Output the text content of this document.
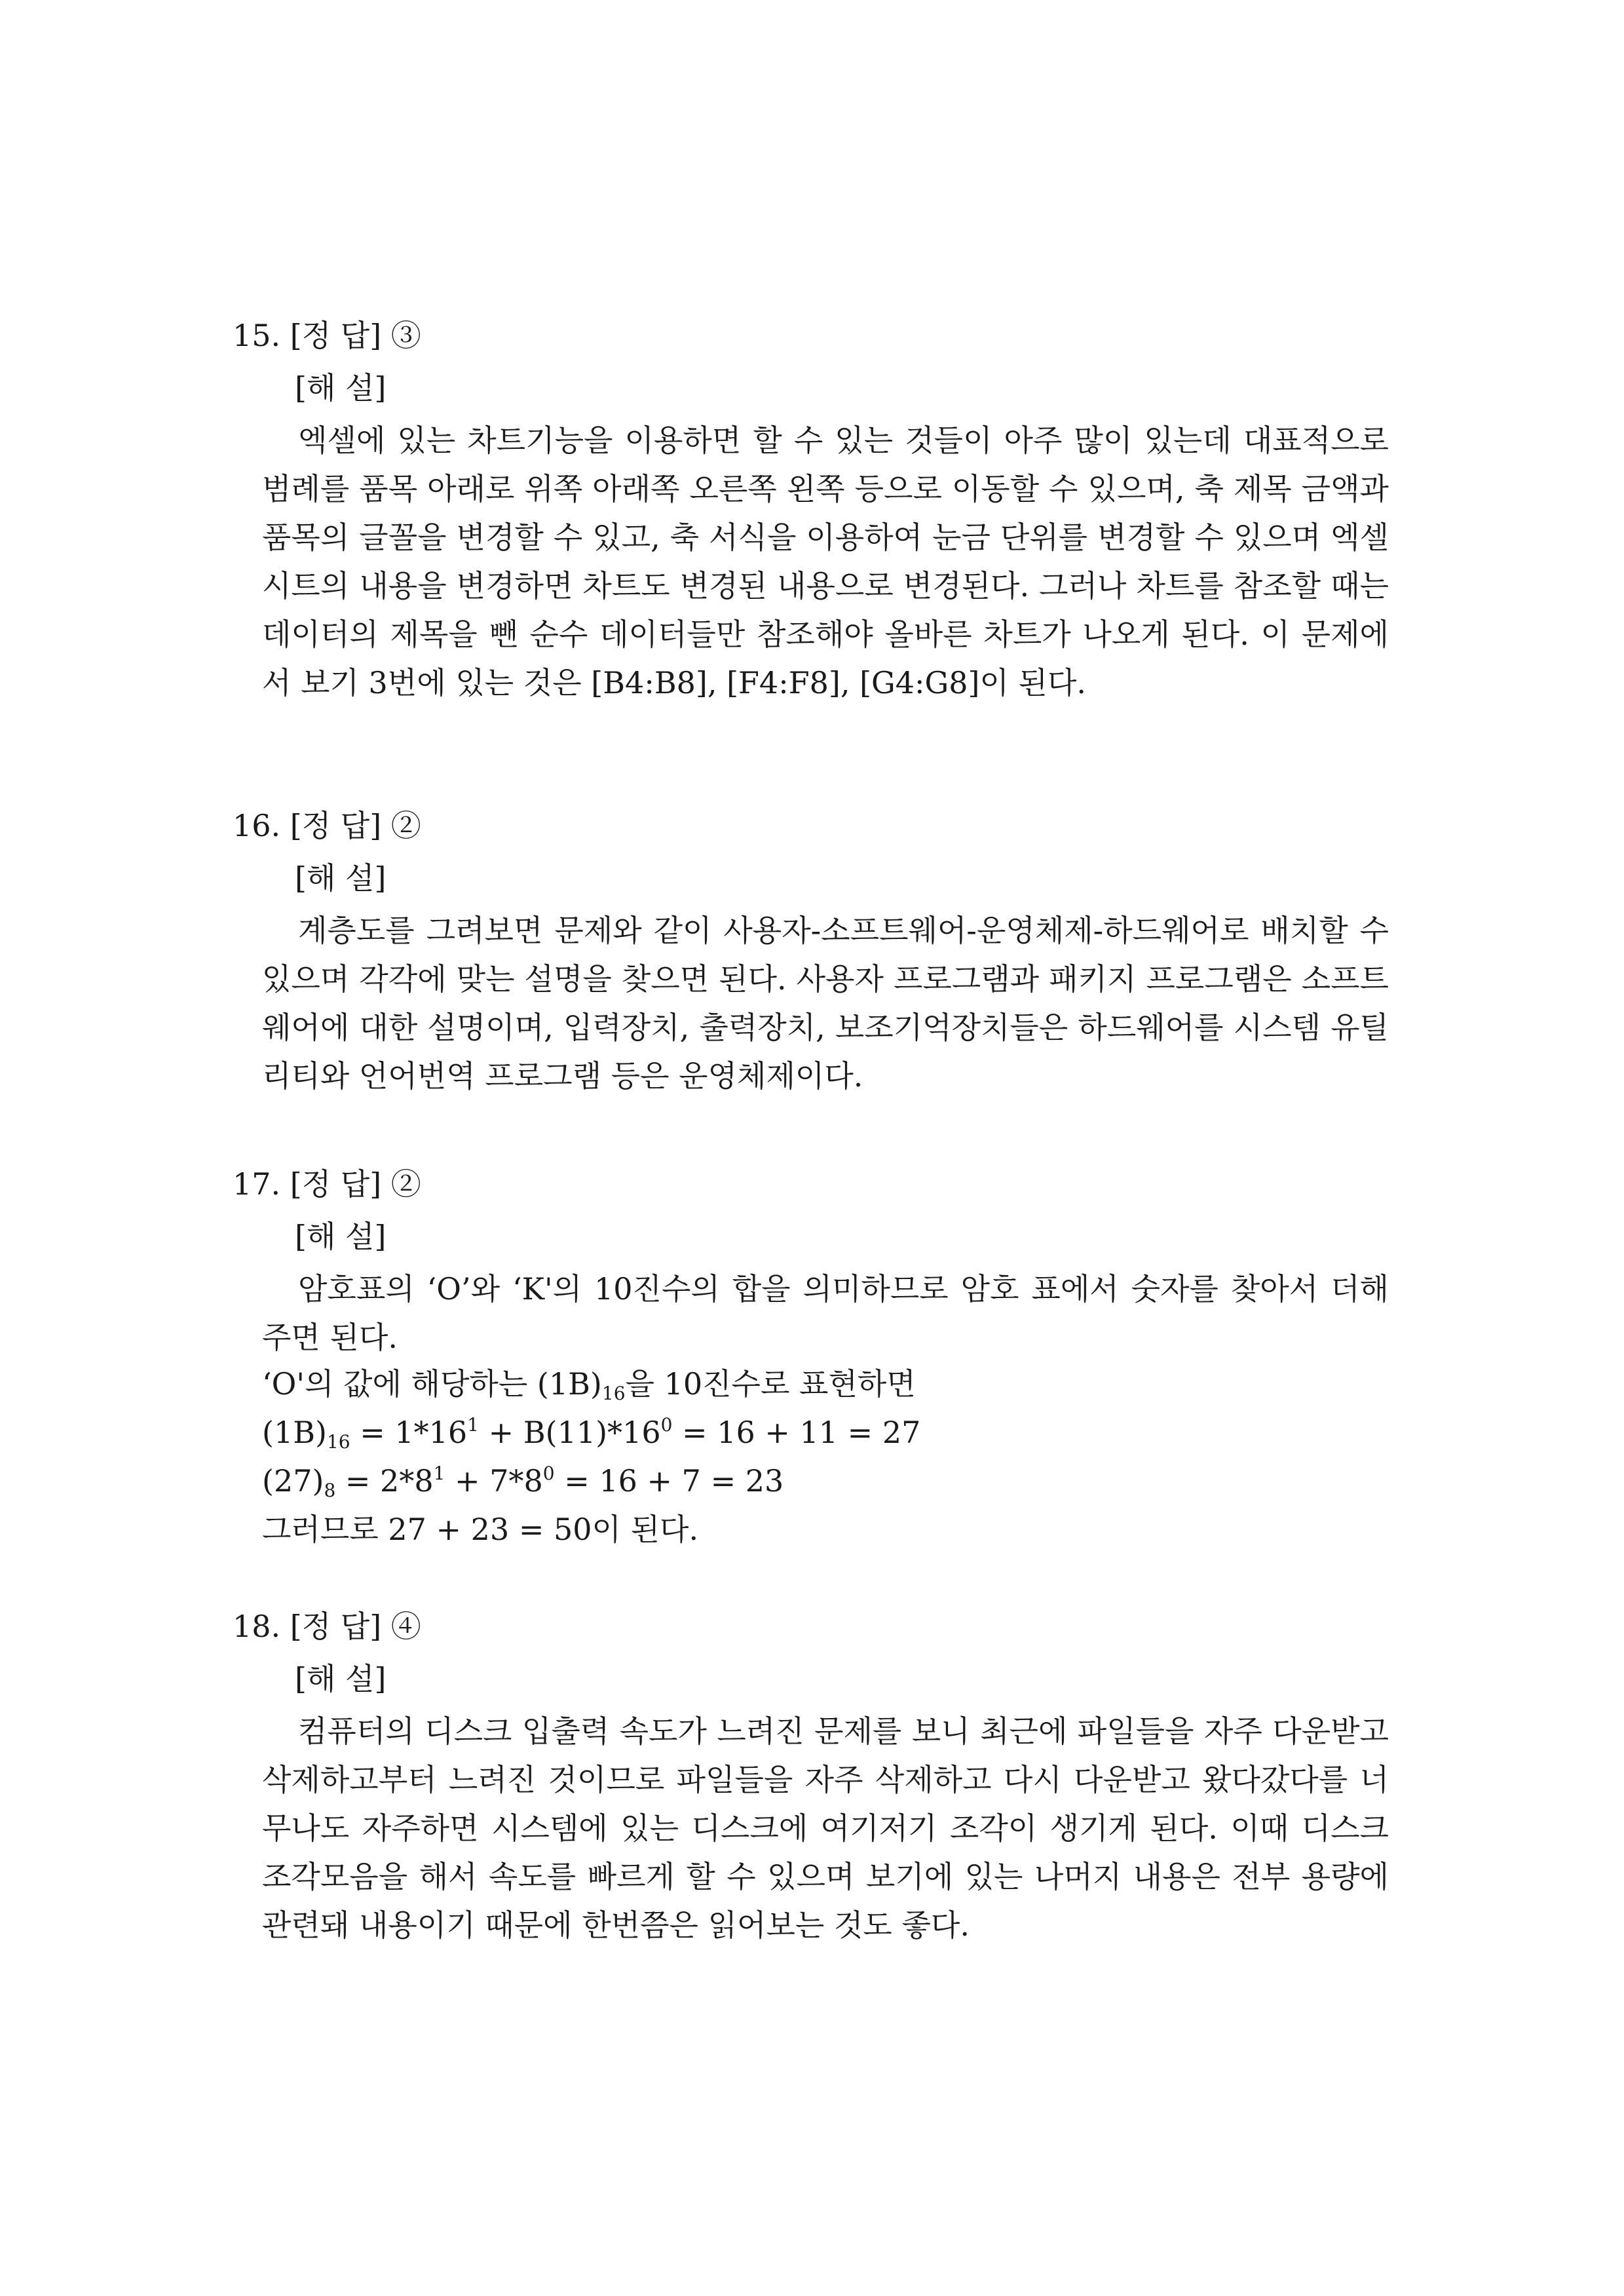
15. [정 답] ③
[해 설]
엑셀에 있는 차트기능을 이용하면 할 수 있는 것들이 아주 많이 있는데 대표적으로 범례를 품목 아래로 위쪽 아래쪽 오른쪽 왼쪽 등으로 이동할 수 있으며, 축 제목 금액과 품목의 글꼴을 변경할 수 있고, 축 서식을 이용하여 눈금 단위를 변경할 수 있으며 엑셀 시트의 내용을 변경하면 차트도 변경된 내용으로 변경된다. 그러나 차트를 참조할 때는 데이터의 제목을 뺀 순수 데이터들만 참조해야 올바른 차트가 나오게 된다. 이 문제에서 보기 3번에 있는 것은 [B4:B8], [F4:F8], [G4:G8]이 된다.
16. [정 답] ②
[해 설]
계층도를 그려보면 문제와 같이 사용자-소프트웨어-운영체제-하드웨어로 배치할 수 있으며 각각에 맞는 설명을 찾으면 된다. 사용자 프로그램과 패키지 프로그램은 소프트웨어에 대한 설명이며, 입력장치, 출력장치, 보조기억장치들은 하드웨어를 시스템 유틸리티와 언어번역 프로그램 등은 운영체제이다.
17. [정 답] ②
[해 설]
암호표의 ‘O’와 ‘K'의 10진수의 합을 의미하므로 암호 표에서 숫자를 찾아서 더해주면 된다.
‘O'의 값에 해당하는 $(1B)_{16}$을 10진수로 표현하면
$(1B)_{16} = 1*16^1 + B(11)*16^0 = 16 + 11 = 27$
$(27)_8 = 2*8^1 + 7*8^0 = 16 + 7 = 23$
그러므로 27 + 23 = 50이 된다.
18. [정 답] ④
[해 설]
컴퓨터의 디스크 입출력 속도가 느려진 문제를 보니 최근에 파일들을 자주 다운받고 삭제하고부터 느려진 것이므로 파일들을 자주 삭제하고 다시 다운받고 왔다갔다를 너무나도 자주하면 시스템에 있는 디스크에 여기저기 조각이 생기게 된다. 이때 디스크 조각모음을 해서 속도를 빠르게 할 수 있으며 보기에 있는 나머지 내용은 전부 용량에 관련돼 내용이기 때문에 한번쯤은 읽어보는 것도 좋다.
